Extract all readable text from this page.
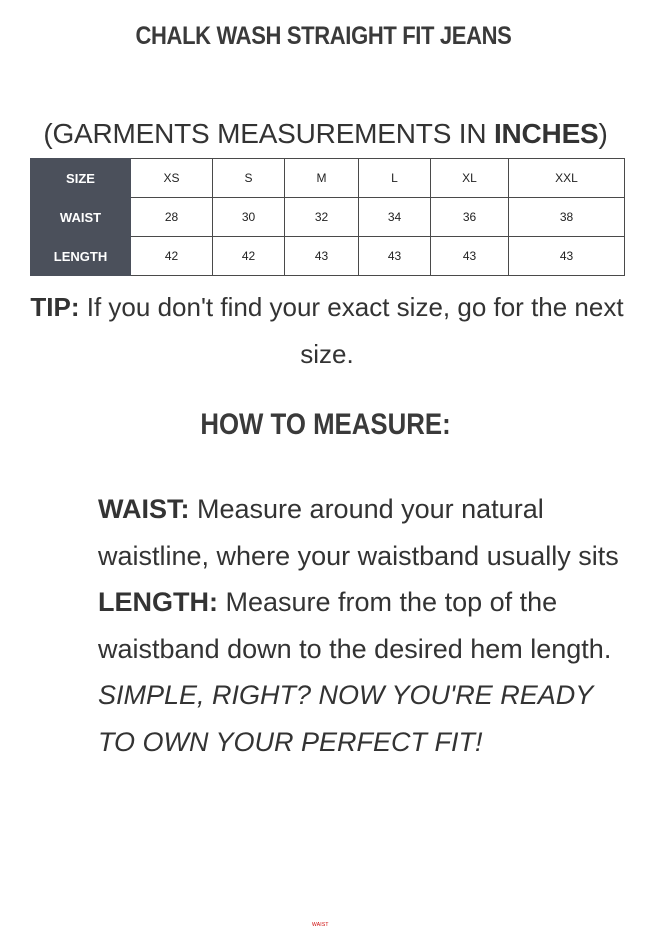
CHALK WASH STRAIGHT FIT JEANS
(GARMENTS MEASUREMENTS IN INCHES)
SIZE	XS	S	M	L	XL	XXL
WAIST	28	30	32	34	36	38
LENGTH	42	42	43	43	43	43
TIP: If you don't find your exact size, go for the next size.
HOW TO MEASURE:

WAIST: Measure around your natural waistline, where your waistband usually sits

LENGTH: Measure from the top of the waistband down to the desired hem length.

SIMPLE, RIGHT? NOW YOU'RE READY TO OWN YOUR PERFECT FIT!

WAIST
